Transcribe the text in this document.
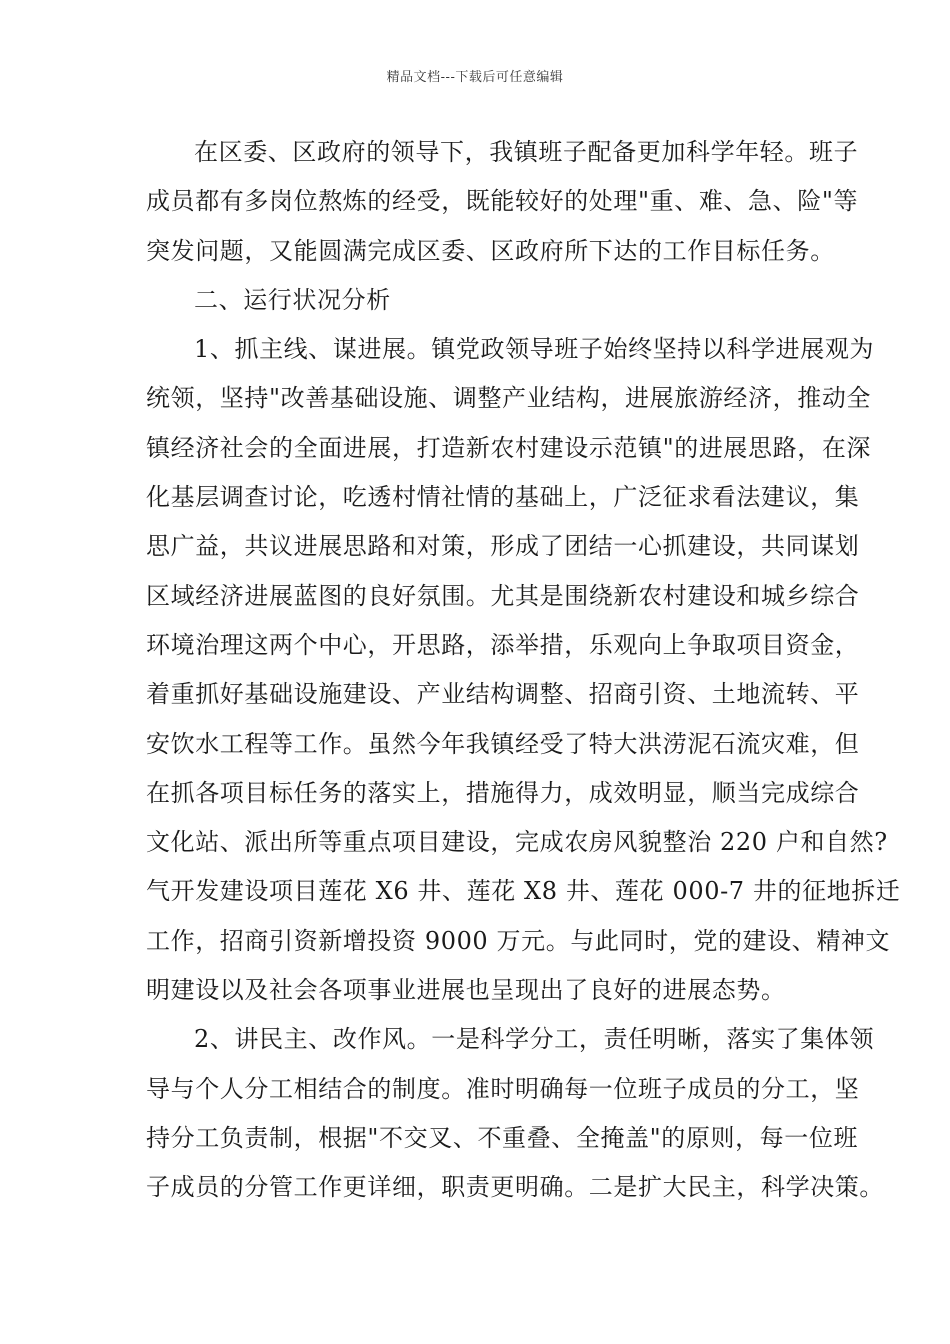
精品文档---下载后可任意编辑
在区委、区政府的领导下，我镇班子配备更加科学年轻。班子
成员都有多岗位熬炼的经受，既能较好的处理"重、难、急、险"等
突发问题，又能圆满完成区委、区政府所下达的工作目标任务。
二、运行状况分析
1、抓主线、谋进展。镇党政领导班子始终坚持以科学进展观为
统领，坚持"改善基础设施、调整产业结构，进展旅游经济，推动全
镇经济社会的全面进展，打造新农村建设示范镇"的进展思路，在深
化基层调查讨论，吃透村情社情的基础上，广泛征求看法建议，集
思广益，共议进展思路和对策，形成了团结一心抓建设，共同谋划
区域经济进展蓝图的良好氛围。尤其是围绕新农村建设和城乡综合
环境治理这两个中心，开思路，添举措，乐观向上争取项目资金，
着重抓好基础设施建设、产业结构调整、招商引资、土地流转、平
安饮水工程等工作。虽然今年我镇经受了特大洪涝泥石流灾难，但
在抓各项目标任务的落实上，措施得力，成效明显，顺当完成综合
文化站、派出所等重点项目建设，完成农房风貌整治 220 户和自然?
气开发建设项目莲花 X6 井、莲花 X8 井、莲花 000-7 井的征地拆迁
工作，招商引资新增投资 9000 万元。与此同时，党的建设、精神文
明建设以及社会各项事业进展也呈现出了良好的进展态势。
2、讲民主、改作风。一是科学分工，责任明晰，落实了集体领
导与个人分工相结合的制度。准时明确每一位班子成员的分工，坚
持分工负责制，根据"不交叉、不重叠、全掩盖"的原则，每一位班
子成员的分管工作更详细，职责更明确。二是扩大民主，科学决策。
